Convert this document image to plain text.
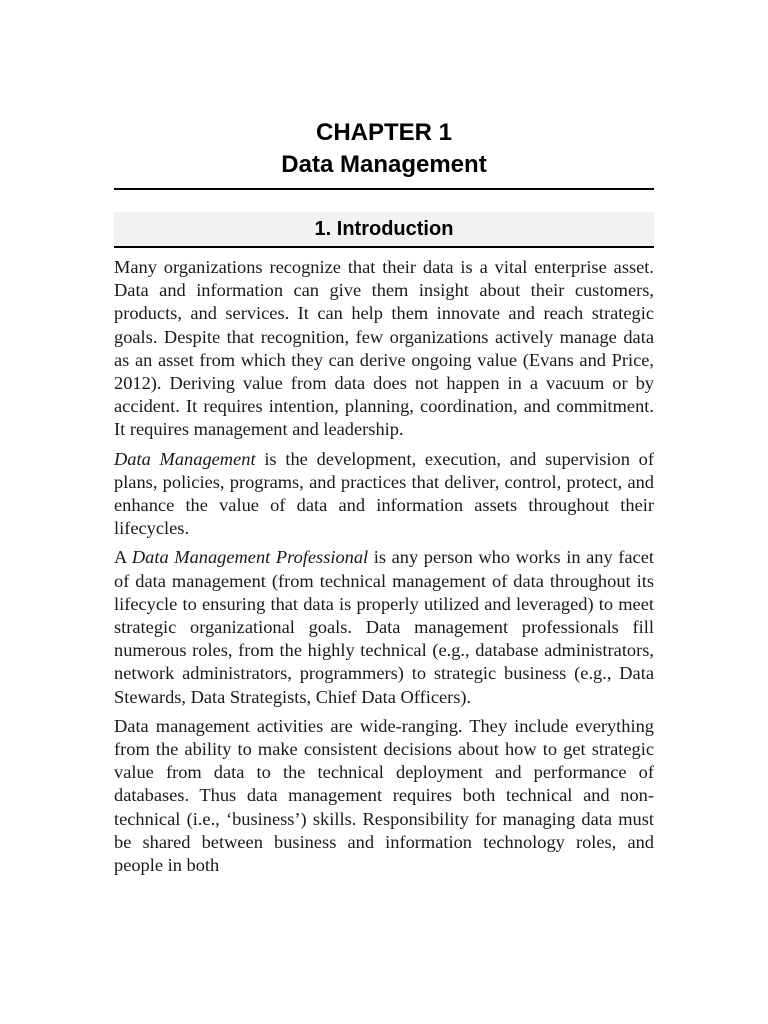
CHAPTER 1
Data Management
1. Introduction

Many organizations recognize that their data is a vital enterprise asset. Data and information can give them insight about their customers, products, and services. It can help them innovate and reach strategic goals. Despite that recognition, few organizations actively manage data as an asset from which they can derive ongoing value (Evans and Price, 2012). Deriving value from data does not happen in a vacuum or by accident. It requires intention, planning, coordination, and commitment. It requires management and leadership.

Data Management is the development, execution, and supervision of plans, policies, programs, and practices that deliver, control, protect, and enhance the value of data and information assets throughout their lifecycles.

A Data Management Professional is any person who works in any facet of data management (from technical management of data throughout its lifecycle to ensuring that data is properly utilized and leveraged) to meet strategic organizational goals. Data management professionals fill numerous roles, from the highly technical (e.g., database administrators, network administrators, programmers) to strategic business (e.g., Data Stewards, Data Strategists, Chief Data Officers).

Data management activities are wide-ranging. They include everything from the ability to make consistent decisions about how to get strategic value from data to the technical deployment and performance of databases. Thus data management requires both technical and non-technical (i.e., ‘business’) skills. Responsibility for managing data must be shared between business and information technology roles, and people in both
